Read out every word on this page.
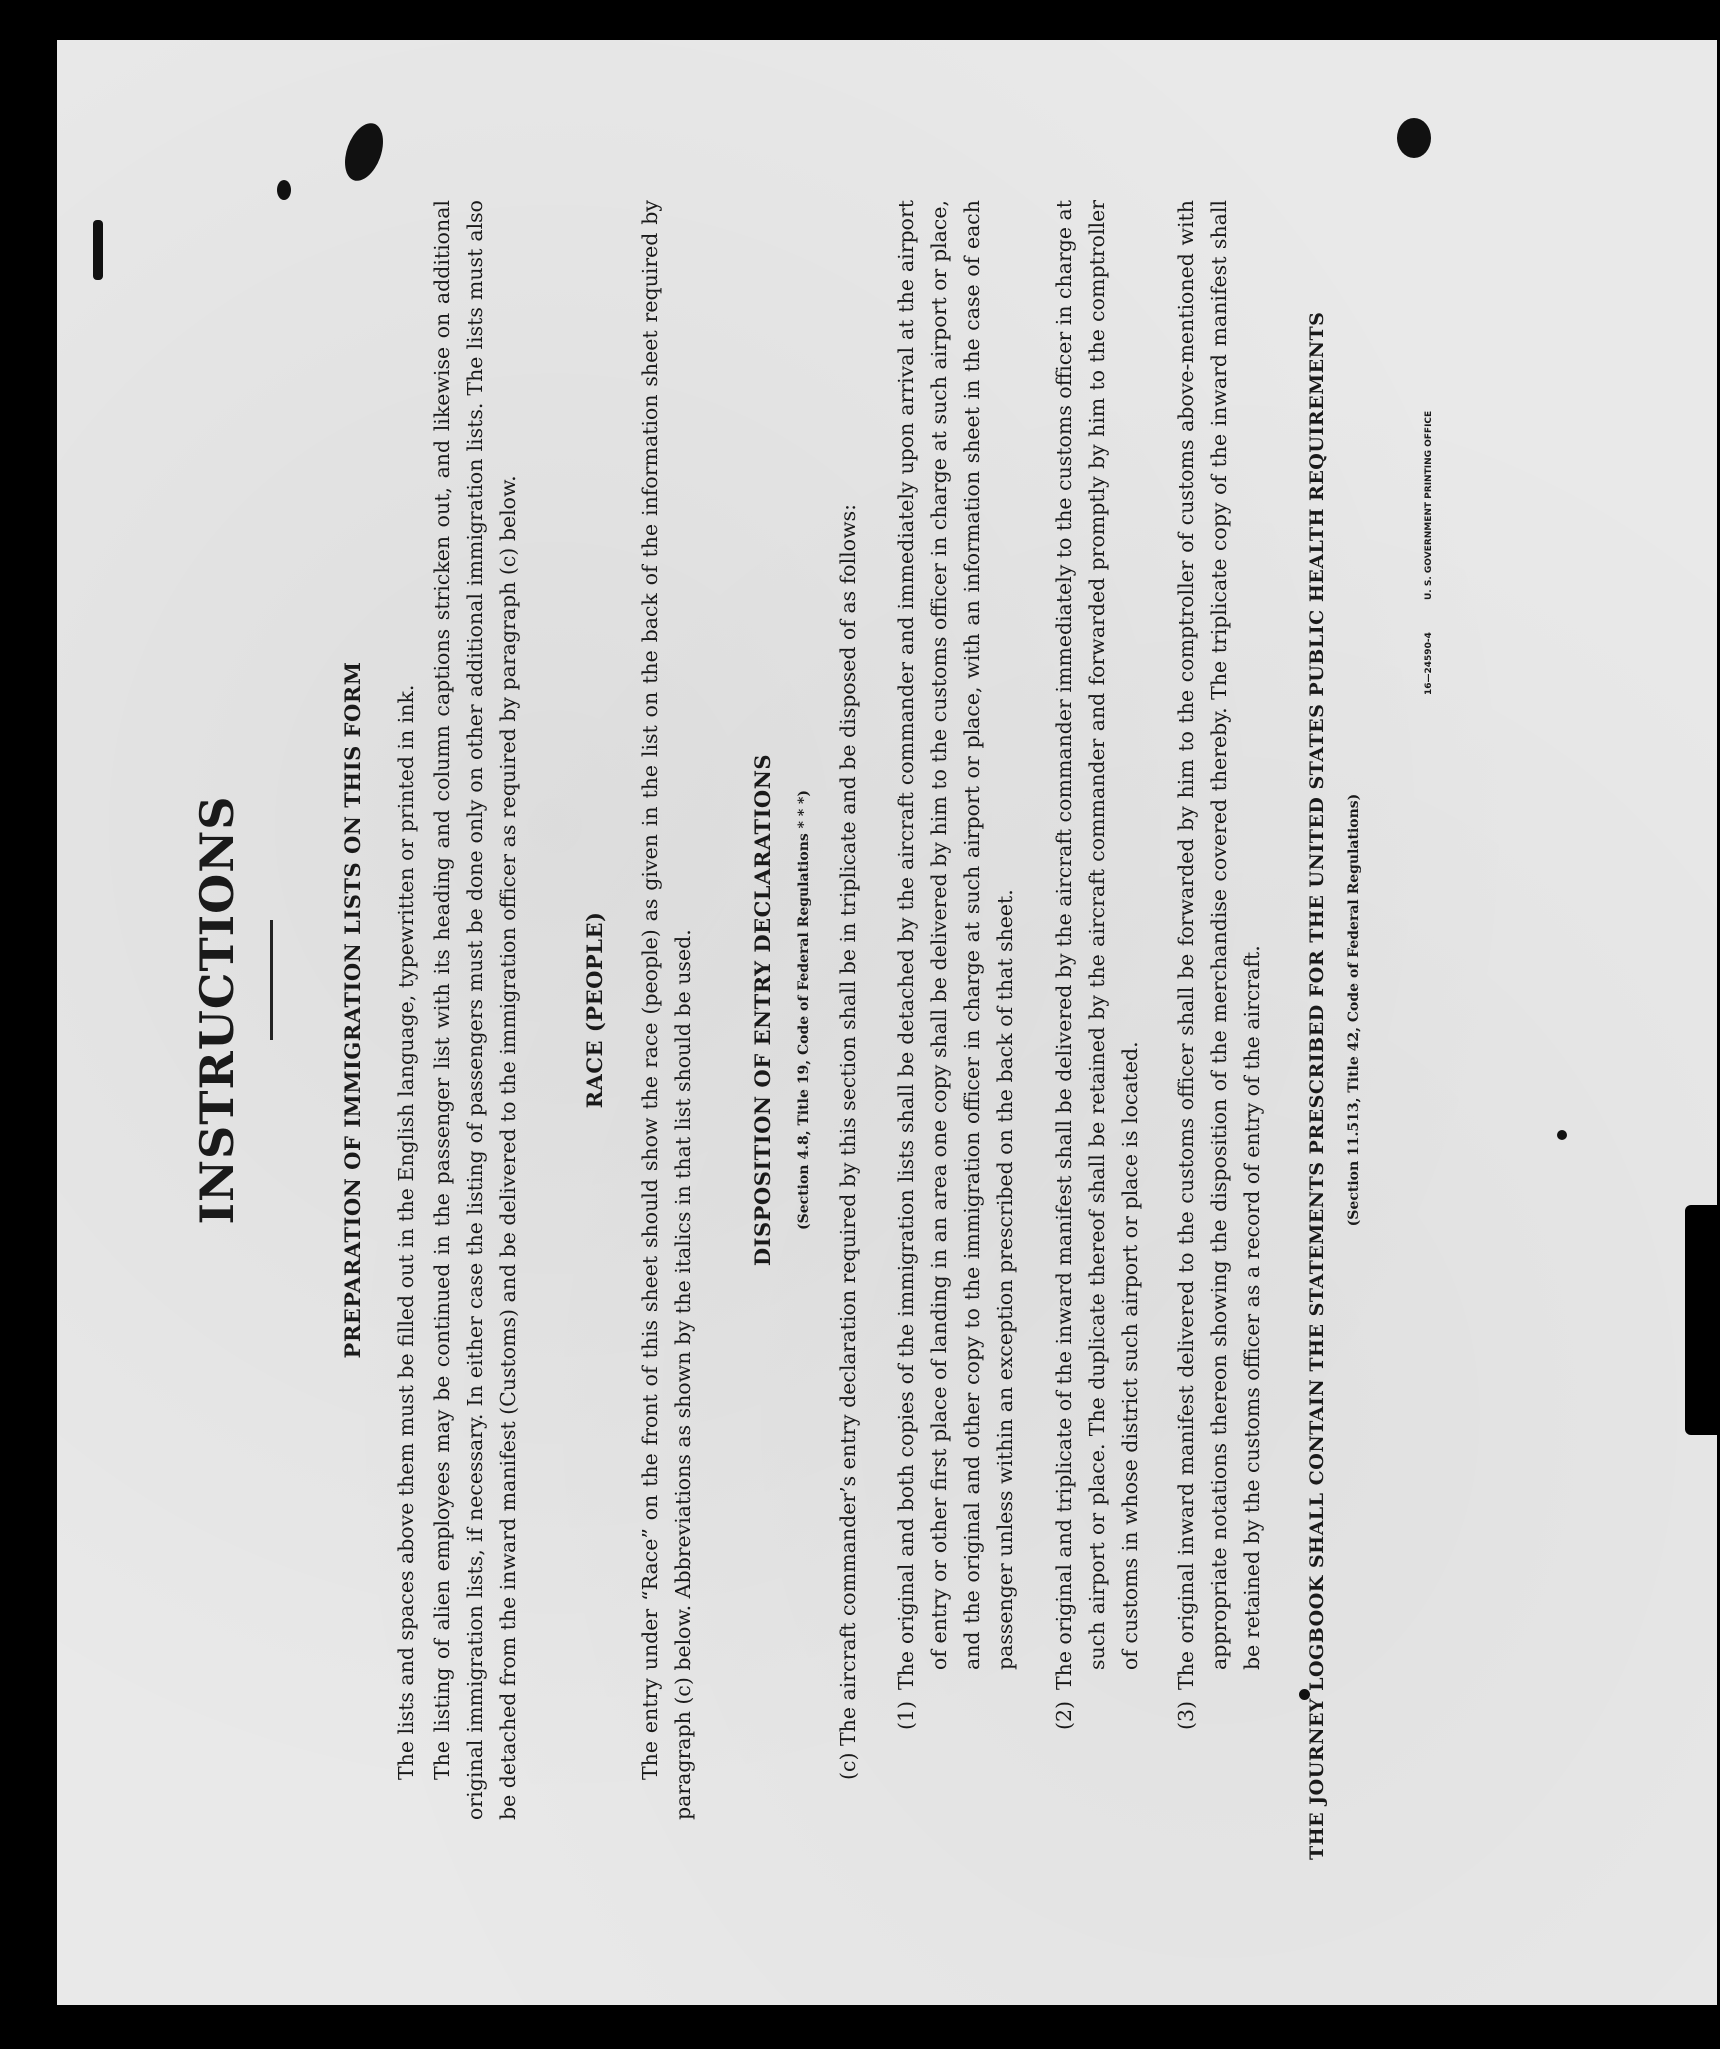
INSTRUCTIONS	PREPARATION OF IMMIGRATION LISTS ON THIS FORM The lists and spaces above them must be filled out in the English language, typewritten or printed in ink. The listing of alien employees may be continued in the passenger list with its heading and column captions stricken out, and likewise on additional original immigration lists, if necessary. In either case the listing of passengers must be done only on other additional immigration lists. The lists must also be detached from the inward manifest (Customs) and be delivered to the immigration officer as required by paragraph (c) below.	RACE (PEOPLE) The entry under “Race” on the front of this sheet should show the race (people) as given in the list on the back of the information sheet required by paragraph (c) below. Abbreviations as shown by the italics in that list should be used.	DISPOSITION OF ENTRY DECLARATIONS (Section 4.8, Title 19, Code of Federal Regulations * * *) (c) The aircraft commander’s entry declaration required by this section shall be in triplicate and be disposed of as follows: (1)
The original and both copies of the immigration lists shall be detached by the aircraft commander and immediately upon arrival at the airport of entry or other first place of landing in an area one copy shall be delivered by him to the customs officer in charge at such airport or place, and the original and other copy to the immigration officer in charge at such airport or place, with an information sheet in the case of each passenger unless within an exception prescribed on the back of that sheet.
(2)
The original and triplicate of the inward manifest shall be delivered by the aircraft commander immediately to the customs officer in charge at such airport or place. The duplicate thereof shall be retained by the aircraft commander and forwarded promptly by him to the comptroller of customs in whose district such airport or place is located.
(3)
The original inward manifest delivered to the customs officer shall be forwarded by him to the comptroller of customs above-mentioned with appropriate notations thereon showing the disposition of the merchandise covered thereby. The triplicate copy of the inward manifest shall be retained by the customs officer as a record of entry of the aircraft. THE JOURNEY LOGBOOK SHALL CONTAIN THE STATEMENTS PRESCRIBED FOR THE UNITED STATES PUBLIC HEALTH REQUIREMENTS (Section 11.513, Title 42, Code of Federal Regulations)
16—24590-4
U. S. GOVERNMENT PRINTING OFFICE
